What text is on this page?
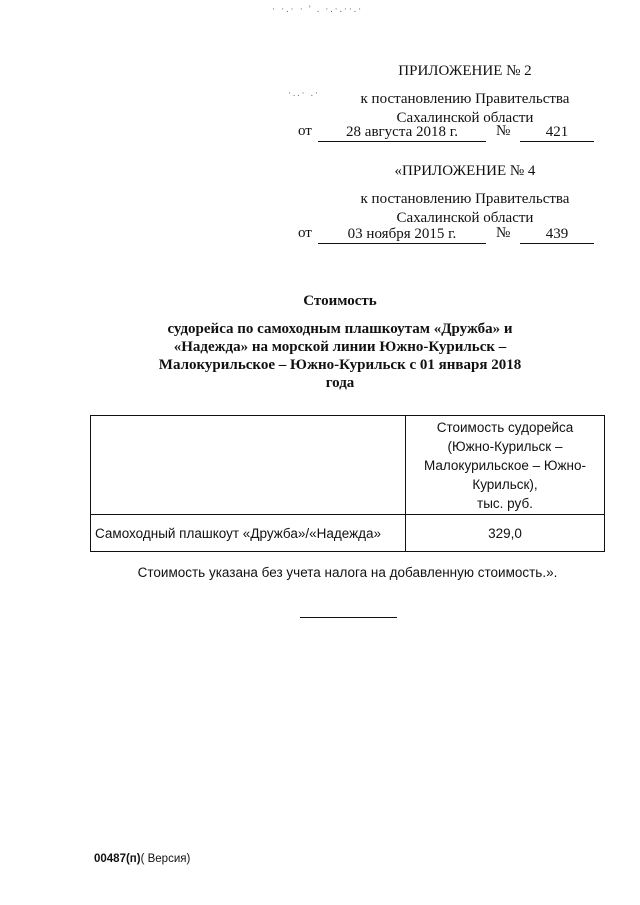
· ·.· · ' . ·.·.··.·
·..· .·
ПРИЛОЖЕНИЕ № 2
к постановлению Правительства
Сахалинской области
от	28 августа 2018 г.	№	421
«ПРИЛОЖЕНИЕ № 4
к постановлению Правительства
Сахалинской области
от	03 ноября 2015 г.	№	439
Стоимость
судорейса по самоходным плашкоутам «Дружба» и
«Надежда» на морской линии Южно-Курильск –
Малокурильское – Южно-Курильск с 01 января 2018
года

	Стоимость судорейса
(Южно-Курильск –
Малокурильское – Южно-
Курильск),
тыс. руб.

Самоходный плашкоут «Дружба»/«Надежда»	329,0
Стоимость указана без учета налога на добавленную стоимость.».
00487(п)( Версия)
